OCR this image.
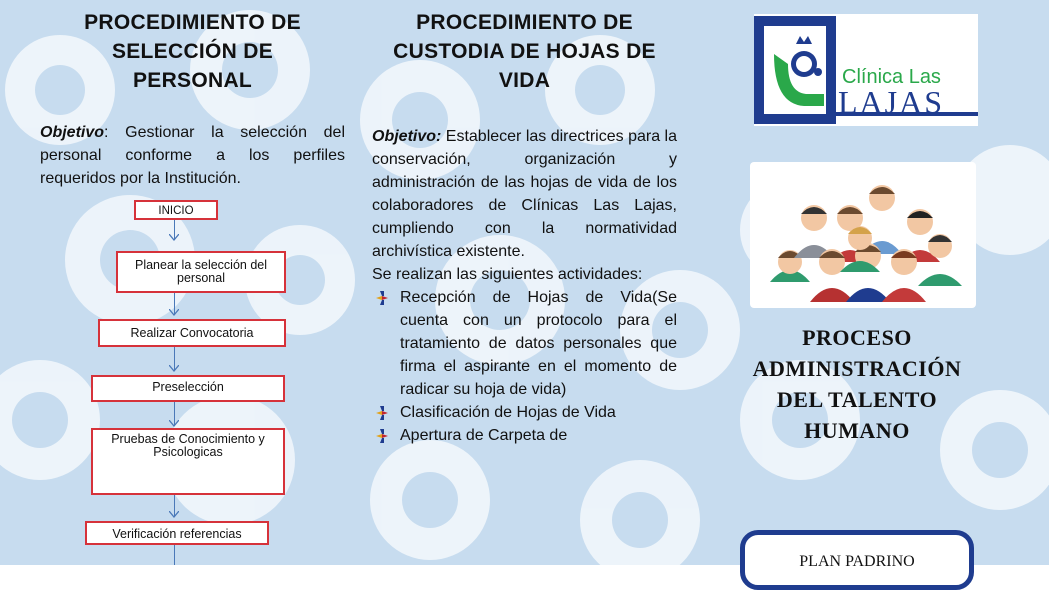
PROCEDIMIENTO DE
SELECCIÓN DE
PERSONAL

Objetivo: Gestionar la selección del personal conforme a los perfiles requeridos por la Institución.

INICIO
Planear la selección del personal
Realizar Convocatoria
Preselección
Pruebas de Conocimiento y Psicologicas
Verificación referencias
PROCEDIMIENTO DE
CUSTODIA DE HOJAS DE
VIDA

Objetivo: Establecer las directrices para la conservación, organización y administración de las hojas de vida de los colaboradores de Clínicas Las Lajas, cumpliendo con la normatividad archivística existente.

Se realizan las siguientes actividades:

Recepción de Hojas de Vida(Se cuenta con un protocolo para el tratamiento de datos personales que firma el aspirante en el momento de radicar su hoja de vida)
Clasificación de Hojas de Vida
Apertura de Carpeta de
Clínica Las
LAJAS
PROCESO
ADMINISTRACIÓN
DEL TALENTO
HUMANO
PLAN PADRINO
